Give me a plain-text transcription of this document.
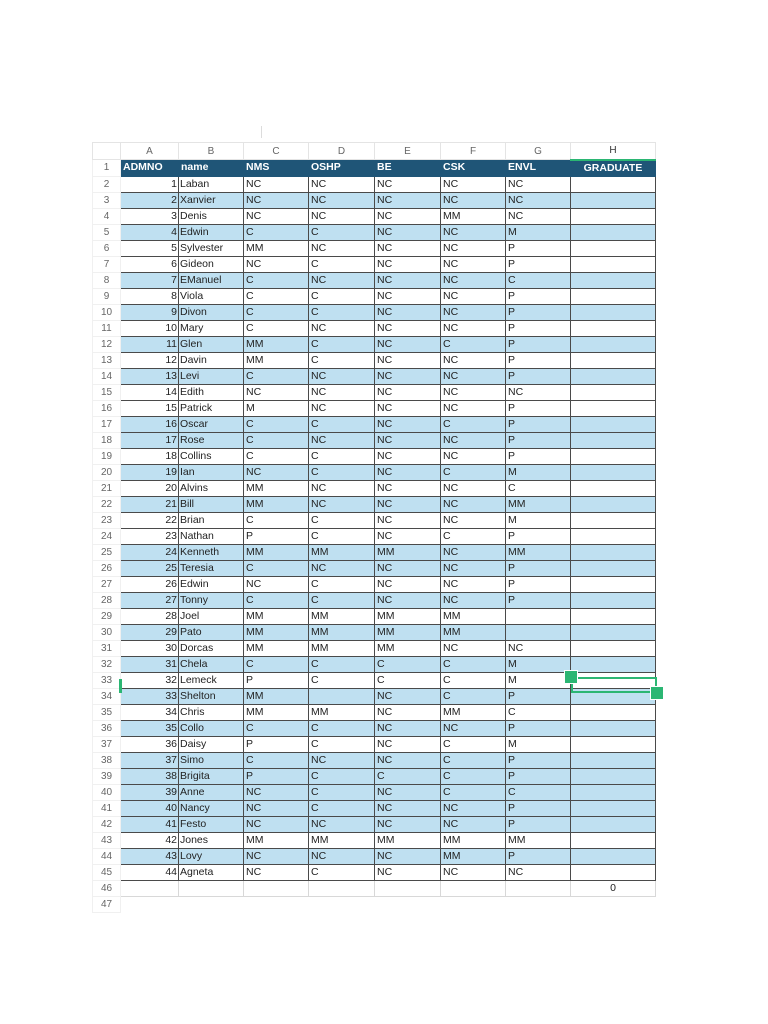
	A	B	C	D	E	F	G	H
1	ADMNO	name	NMS	OSHP	BE	CSK	ENVL	GRADUATE
2	1	Laban	NC	NC	NC	NC	NC	
3	2	Xanvier	NC	NC	NC	NC	NC	
4	3	Denis	NC	NC	NC	MM	NC	
5	4	Edwin	C	C	NC	NC	M	
6	5	Sylvester	MM	NC	NC	NC	P	
7	6	Gideon	NC	C	NC	NC	P	
8	7	EManuel	C	NC	NC	NC	C	
9	8	Viola	C	C	NC	NC	P	
10	9	Divon	C	C	NC	NC	P	
11	10	Mary	C	NC	NC	NC	P	
12	11	Glen	MM	C	NC	C	P	
13	12	Davin	MM	C	NC	NC	P	
14	13	Levi	C	NC	NC	NC	P	
15	14	Edith	NC	NC	NC	NC	NC	
16	15	Patrick	M	NC	NC	NC	P	
17	16	Oscar	C	C	NC	C	P	
18	17	Rose	C	NC	NC	NC	P	
19	18	Collins	C	C	NC	NC	P	
20	19	Ian	NC	C	NC	C	M	
21	20	Alvins	MM	NC	NC	NC	C	
22	21	Bill	MM	NC	NC	NC	MM	
23	22	Brian	C	C	NC	NC	M	
24	23	Nathan	P	C	NC	C	P	
25	24	Kenneth	MM	MM	MM	NC	MM	
26	25	Teresia	C	NC	NC	NC	P	
27	26	Edwin	NC	C	NC	NC	P	
28	27	Tonny	C	C	NC	NC	P	
29	28	Joel	MM	MM	MM	MM		
30	29	Pato	MM	MM	MM	MM		
31	30	Dorcas	MM	MM	MM	NC	NC	
32	31	Chela	C	C	C	C	M	
33	32	Lemeck	P	C	C	C	M	
34	33	Shelton	MM		NC	C	P	
35	34	Chris	MM	MM	NC	MM	C	
36	35	Collo	C	C	NC	NC	P	
37	36	Daisy	P	C	NC	C	M	
38	37	Simo	C	NC	NC	C	P	
39	38	Brigita	P	C	C	C	P	
40	39	Anne	NC	C	NC	C	C	
41	40	Nancy	NC	C	NC	NC	P	
42	41	Festo	NC	NC	NC	NC	P	
43	42	Jones	MM	MM	MM	MM	MM	
44	43	Lovy	NC	NC	NC	MM	P	
45	44	Agneta	NC	C	NC	NC	NC	
46								0
47								
